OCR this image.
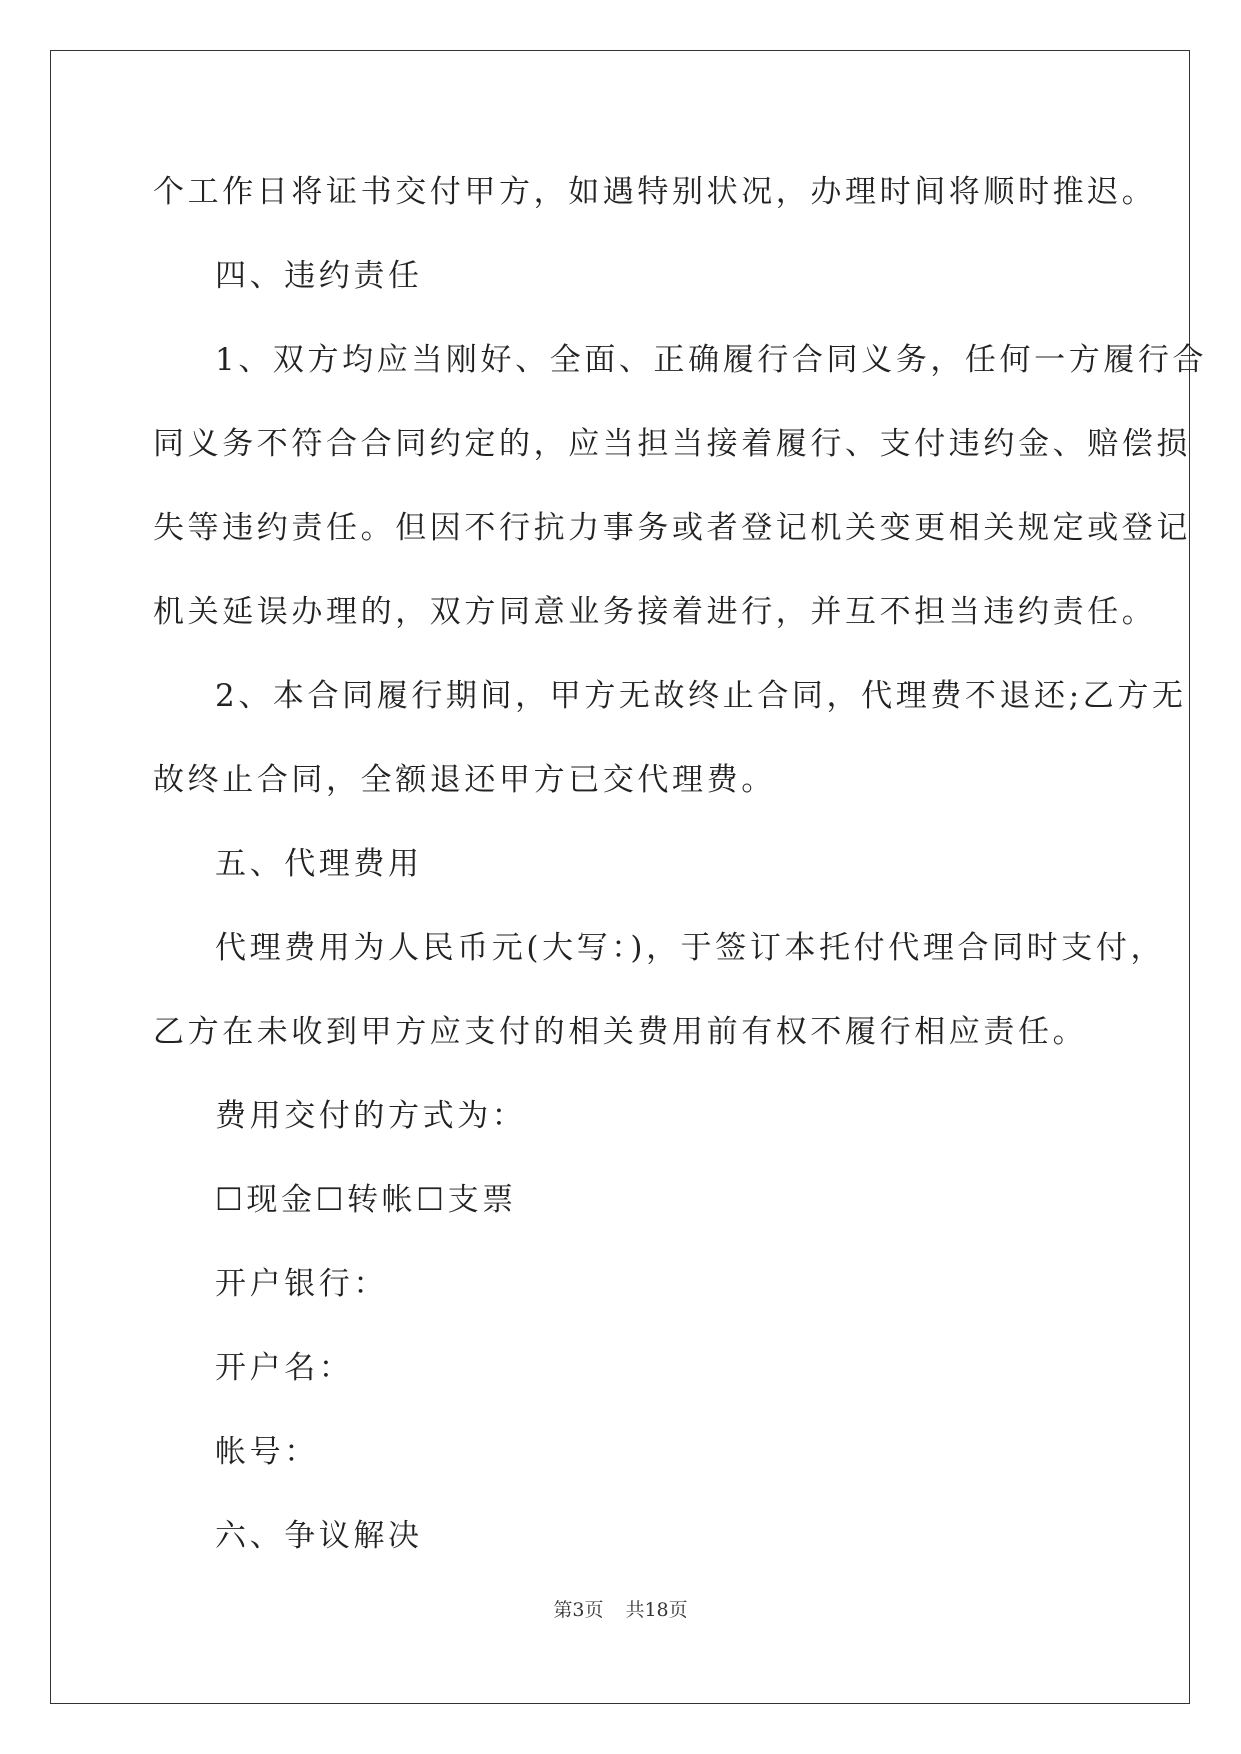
个工作日将证书交付甲方，如遇特别状况，办理时间将顺时推迟。

四、违约责任

1、双方均应当刚好、全面、正确履行合同义务，任何一方履行合

同义务不符合合同约定的，应当担当接着履行、支付违约金、赔偿损

失等违约责任。但因不行抗力事务或者登记机关变更相关规定或登记

机关延误办理的，双方同意业务接着进行，并互不担当违约责任。

2、本合同履行期间，甲方无故终止合同，代理费不退还;乙方无

故终止合同，全额退还甲方已交代理费。

五、代理费用

代理费用为人民币元(大写：)，于签订本托付代理合同时支付，

乙方在未收到甲方应支付的相关费用前有权不履行相应责任。

费用交付的方式为：

☐现金☐转帐☐支票

开户银行：

开户名：

帐号：

六、争议解决

第3页 共18页
